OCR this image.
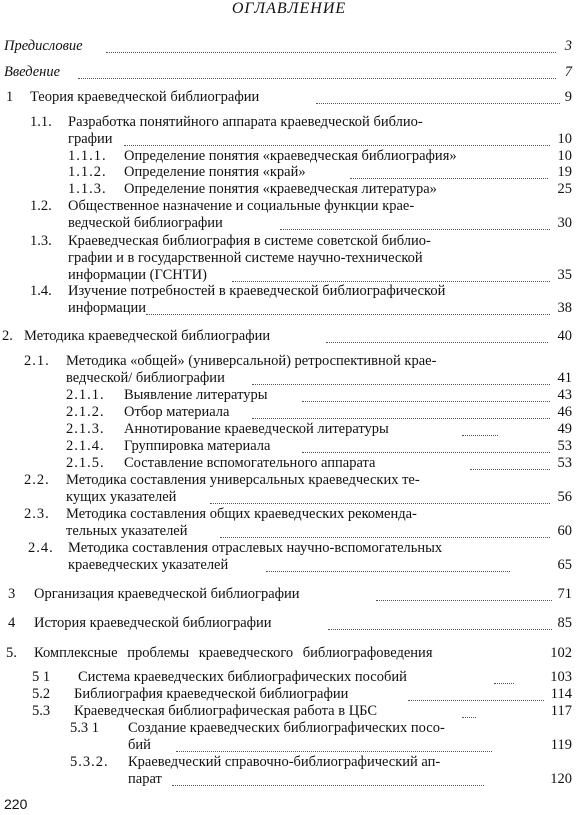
ОГЛАВЛЕНИЕ
Предисловие	3
Введение	7
1 Теория краеведческой библиографии	9
1.1. Разработка понятийного аппарата краеведческой библио-
графии	10
1.1.1. Определение понятия «краеведческая библиография»	10
1.1.2. Определение понятия «край»	19
1.1.3. Определение понятия «краеведческая литература»	25
1.2. Общественное назначение и социальные функции крае-
ведческой библиографии	30
1.3. Краеведческая библиография в системе советской библио-
графии и в государственной системе научно-технической
информации (ГСНТИ)	35
1.4. Изучение потребностей в краеведческой библиографической
информации	38
2. Методика краеведческой библиографии	40
2.1. Методика «общей» (универсальной) ретроспективной крае-
ведческой/ библиографии	41
2.1.1. Выявление литературы	43
2.1.2. Отбор материала	46
2.1.3. Аннотирование краеведческой литературы	49
2.1.4. Группировка материала	53
2.1.5. Составление вспомогательного аппарата	53
2.2. Методика составления универсальных краеведческих те-
кущих указателей	56
2.3. Методика составления общих краеведческих рекоменда-
тельных указателей	60
2.4. Методика составления отраслевых научно-вспомогательных
краеведческих указателей	65
3 Организация краеведческой библиографии	71
4 История краеведческой библиографии	85
5. Комплексные проблемы краеведческого библиографоведения	102
5 1 Система краеведческих библиографических пособий	103
5.2 Библиография краеведческой библиографии	114
5.3 Краеведческая библиографическая работа в ЦБС	117
5.3 1 Создание краеведческих библиографических посо-
бий	119
5.3.2. Краеведческий справочно-библиографический ап-
парат	120
220
